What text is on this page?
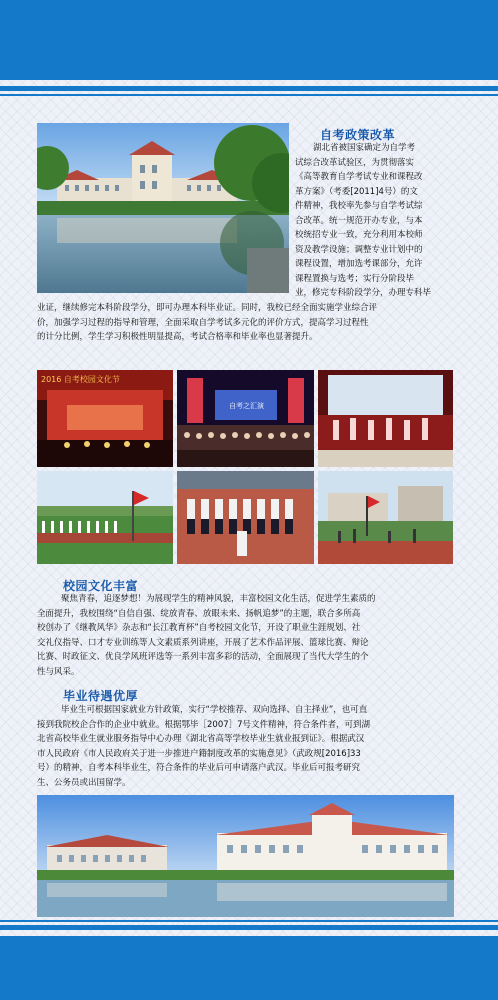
自考政策改革

湖北省被国家确定为自学考
试综合改革试验区，为贯彻落实
《高等教育自学考试专业和课程改
革方案》（考委[2011]4号）的文
件精神，我校率先参与自学考试综
合改革。统一规范开办专业，与本
校统招专业一致，充分利用本校师
资及教学设施；调整专业计划中的
课程设置，增加选考课部分，允许
课程置换与选考；实行分阶段毕
业，修完专科阶段学分，办理专科毕

业证，继续修完本科阶段学分，即可办理本科毕业证。同时，我校已经全面实施学业综合评
价，加强学习过程的指导和管理，全面采取自学考试多元化的评价方式，提高学习过程性
的计分比例，学生学习积极性明显提高，考试合格率和毕业率也显著提升。

2016 自考校园文化节
自考之汇演
校园文化丰富

聚焦青春，追逐梦想！为展现学生的精神风貌，丰富校园文化生活，促进学生素质的
全面提升，我校围绕“自信自强、绽放青春、放眼未来、扬帆追梦”的主题，联合多所高
校创办了《继教风华》杂志和“长江教育杯”自考校园文化节，开设了职业生涯规划、社
交礼仪指导、口才专业训练等人文素质系列讲座，开展了艺术作品评展、篮球比赛、辩论
比赛、时政征文、优良学风班评选等一系列丰富多彩的活动，全面展现了当代大学生的个
性与风采。

毕业待遇优厚

毕业生可根据国家就业方针政策，实行“学校推荐、双向选择、自主择业”，也可直
接到我院校企合作的企业中就业。根据鄂毕［2007］7号文件精神，符合条件者，可到湖
北省高校毕业生就业服务指导中心办理《湖北省高等学校毕业生就业报到证》。根据武汉
市人民政府《市人民政府关于进一步推进户籍制度改革的实施意见》（武政规[2016]33
号）的精神，自考本科毕业生，符合条件的毕业后可申请落户武汉。毕业后可报考研究
生、公务员或出国留学。
